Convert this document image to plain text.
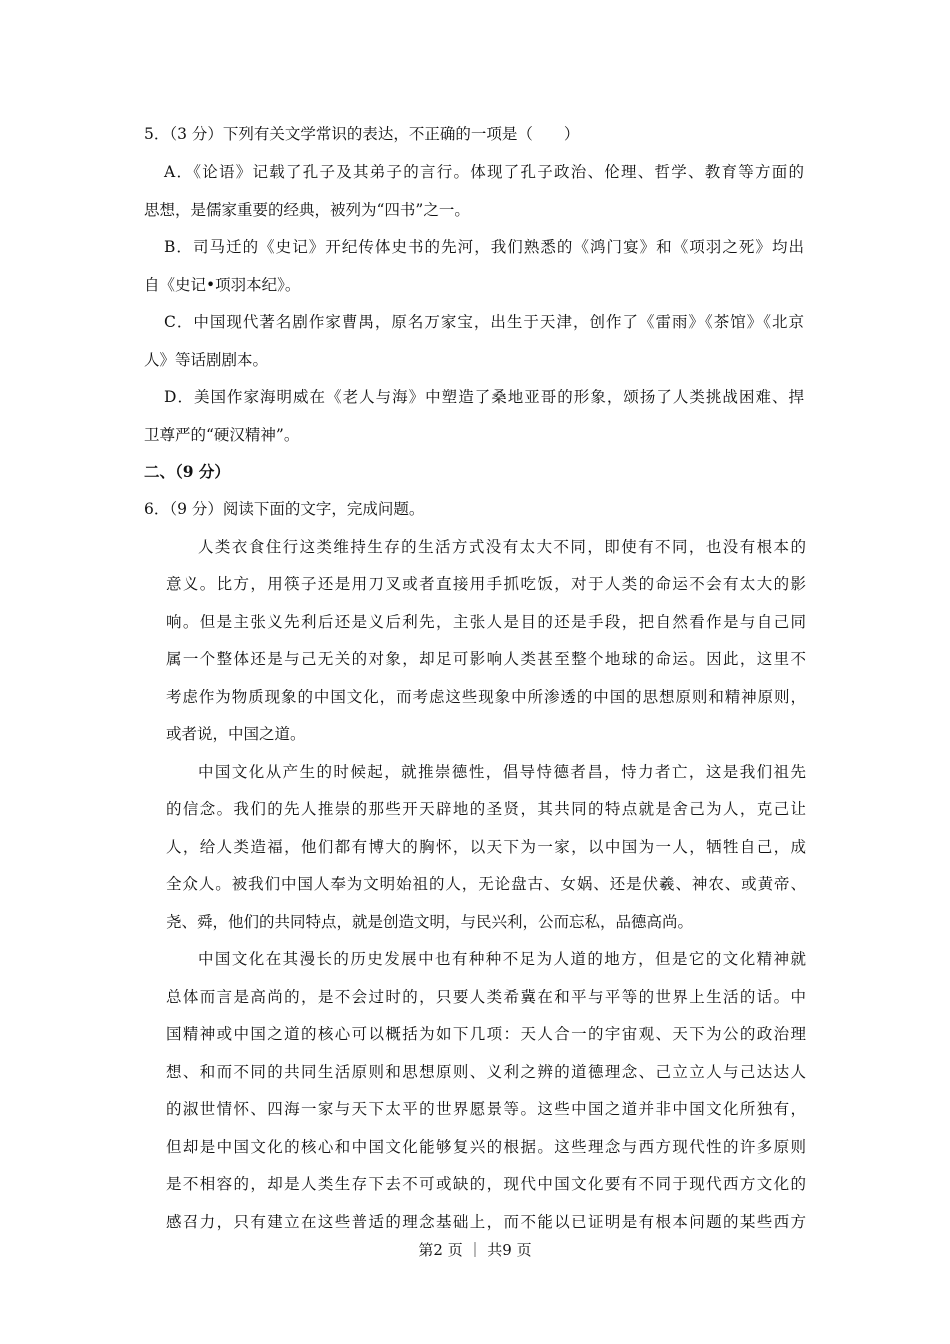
5．（3 分）下列有关文学常识的表达，不正确的一项是（　　）
A．《论语》记载了孔子及其弟子的言行。体现了孔子政治、伦理、哲学、教育等方面的
思想，是儒家重要的经典，被列为“四书”之一。
B．司马迁的《史记》开纪传体史书的先河，我们熟悉的《鸿门宴》和《项羽之死》均出
自《史记•项羽本纪》。
C．中国现代著名剧作家曹禺，原名万家宝，出生于天津，创作了《雷雨》《茶馆》《北京
人》等话剧剧本。
D．美国作家海明威在《老人与海》中塑造了桑地亚哥的形象，颂扬了人类挑战困难、捍
卫尊严的“硬汉精神”。
二、（9 分）
6．（9 分）阅读下面的文字，完成问题。
人类衣食住行这类维持生存的生活方式没有太大不同，即使有不同，也没有根本的
意义。比方，用筷子还是用刀叉或者直接用手抓吃饭，对于人类的命运不会有太大的影
响。但是主张义先利后还是义后利先，主张人是目的还是手段，把自然看作是与自己同
属一个整体还是与己无关的对象，却足可影响人类甚至整个地球的命运。因此，这里不
考虑作为物质现象的中国文化，而考虑这些现象中所渗透的中国的思想原则和精神原则，
或者说，中国之道。
中国文化从产生的时候起，就推崇德性，倡导恃德者昌，恃力者亡，这是我们祖先
的信念。我们的先人推崇的那些开天辟地的圣贤，其共同的特点就是舍己为人，克己让
人，给人类造福，他们都有博大的胸怀，以天下为一家，以中国为一人，牺牲自己，成
全众人。被我们中国人奉为文明始祖的人，无论盘古、女娲、还是伏羲、神农、或黄帝、
尧、舜，他们的共同特点，就是创造文明，与民兴利，公而忘私，品德高尚。
中国文化在其漫长的历史发展中也有种种不足为人道的地方，但是它的文化精神就
总体而言是高尚的，是不会过时的，只要人类希冀在和平与平等的世界上生活的话。中
国精神或中国之道的核心可以概括为如下几项：天人合一的宇宙观、天下为公的政治理
想、和而不同的共同生活原则和思想原则、义利之辨的道德理念、己立立人与己达达人
的淑世情怀、四海一家与天下太平的世界愿景等。这些中国之道并非中国文化所独有，
但却是中国文化的核心和中国文化能够复兴的根据。这些理念与西方现代性的许多原则
是不相容的，却是人类生存下去不可或缺的，现代中国文化要有不同于现代西方文化的
感召力，只有建立在这些普适的理念基础上，而不能以已证明是有根本问题的某些西方
第2 页 ｜ 共9 页
